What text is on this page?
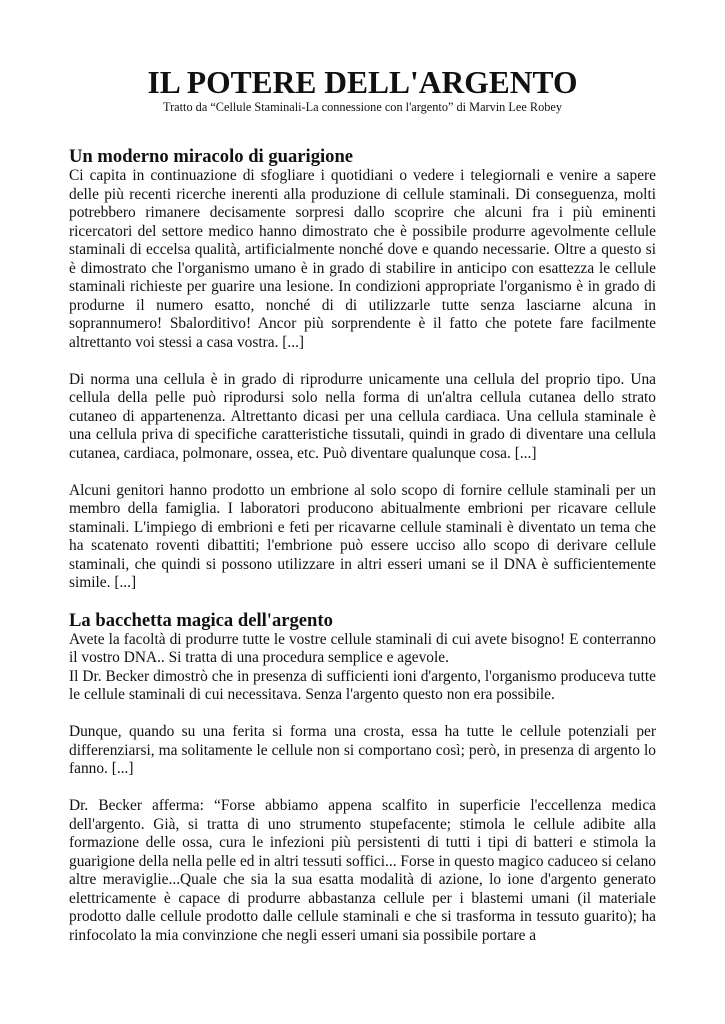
IL POTERE DELL'ARGENTO

Tratto da “Cellule Staminali-La connessione con l'argento” di Marvin Lee Robey

Un moderno miracolo di guarigione

Ci capita in continuazione di sfogliare i quotidiani o vedere i telegiornali e venire a sapere delle più recenti ricerche inerenti alla produzione di cellule staminali. Di conseguenza, molti potrebbero rimanere decisamente sorpresi dallo scoprire che alcuni fra i più eminenti ricercatori del settore medico hanno dimostrato che è possibile produrre agevolmente cellule staminali di eccelsa qualità, artificialmente nonché dove e quando necessarie. Oltre a questo si è dimostrato che l'organismo umano è in grado di stabilire in anticipo con esattezza le cellule staminali richieste per guarire una lesione. In condizioni appropriate l'organismo è in grado di produrne il numero esatto, nonché di di utilizzarle tutte senza lasciarne alcuna in soprannumero! Sbalorditivo! Ancor più sorprendente è il fatto che potete fare facilmente altrettanto voi stessi a casa vostra. [...]

Di norma una cellula è in grado di riprodurre unicamente una cellula del proprio tipo. Una cellula della pelle può riprodursi solo nella forma di un'altra cellula cutanea dello strato cutaneo di appartenenza. Altrettanto dicasi per una cellula cardiaca. Una cellula staminale è una cellula priva di specifiche caratteristiche tissutali, quindi in grado di diventare una cellula cutanea, cardiaca, polmonare, ossea, etc. Può diventare qualunque cosa. [...]

Alcuni genitori hanno prodotto un embrione al solo scopo di fornire cellule staminali per un membro della famiglia. I laboratori producono abitualmente embrioni per ricavare cellule staminali. L'impiego di embrioni e feti per ricavarne cellule staminali è diventato un tema che ha scatenato roventi dibattiti; l'embrione può essere ucciso allo scopo di derivare cellule staminali, che quindi si possono utilizzare in altri esseri umani se il DNA è sufficientemente simile. [...]

La bacchetta magica dell'argento

Avete la facoltà di produrre tutte le vostre cellule staminali di cui avete bisogno! E conterranno il vostro DNA.. Si tratta di una procedura semplice e agevole.

Il Dr. Becker dimostrò che in presenza di sufficienti ioni d'argento, l'organismo produceva tutte le cellule staminali di cui necessitava. Senza l'argento questo non era possibile.

Dunque, quando su una ferita si forma una crosta, essa ha tutte le cellule potenziali per differenziarsi, ma solitamente le cellule non si comportano così; però, in presenza di argento lo fanno. [...]

Dr. Becker afferma: “Forse abbiamo appena scalfito in superficie l'eccellenza medica dell'argento. Già, si tratta di uno strumento stupefacente; stimola le cellule adibite alla formazione delle ossa, cura le infezioni più persistenti di tutti i tipi di batteri e stimola la guarigione della nella pelle ed in altri tessuti soffici... Forse in questo magico caduceo si celano altre meraviglie...Quale che sia la sua esatta modalità di azione, lo ione d'argento generato elettricamente è capace di produrre abbastanza cellule per i blastemi umani (il materiale prodotto dalle cellule prodotto dalle cellule staminali e che si trasforma in tessuto guarito); ha rinfocolato la mia convinzione che negli esseri umani sia possibile portare a
